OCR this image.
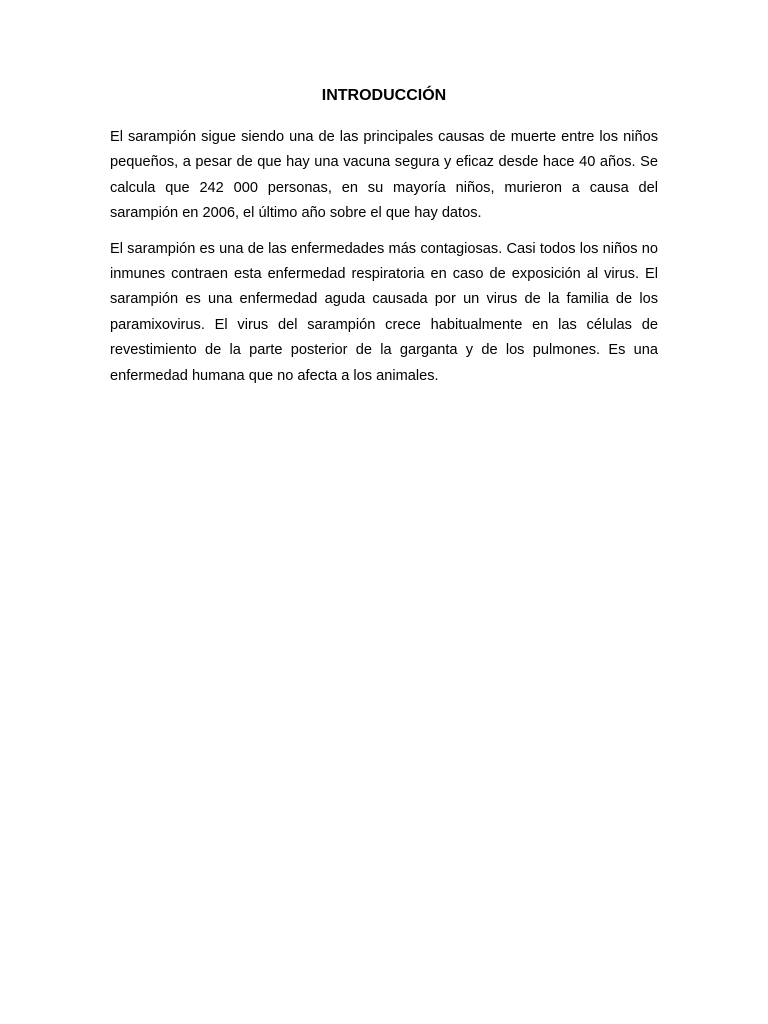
INTRODUCCIÓN

El sarampión sigue siendo una de las principales causas de muerte entre los niños pequeños, a pesar de que hay una vacuna segura y eficaz desde hace 40 años. Se calcula que 242 000 personas, en su mayoría niños, murieron a causa del sarampión en 2006, el último año sobre el que hay datos.

El sarampión es una de las enfermedades más contagiosas. Casi todos los niños no inmunes contraen esta enfermedad respiratoria en caso de exposición al virus. El sarampión es una enfermedad aguda causada por un virus de la familia de los paramixovirus. El virus del sarampión crece habitualmente en las células de revestimiento de la parte posterior de la garganta y de los pulmones. Es una enfermedad humana que no afecta a los animales.
